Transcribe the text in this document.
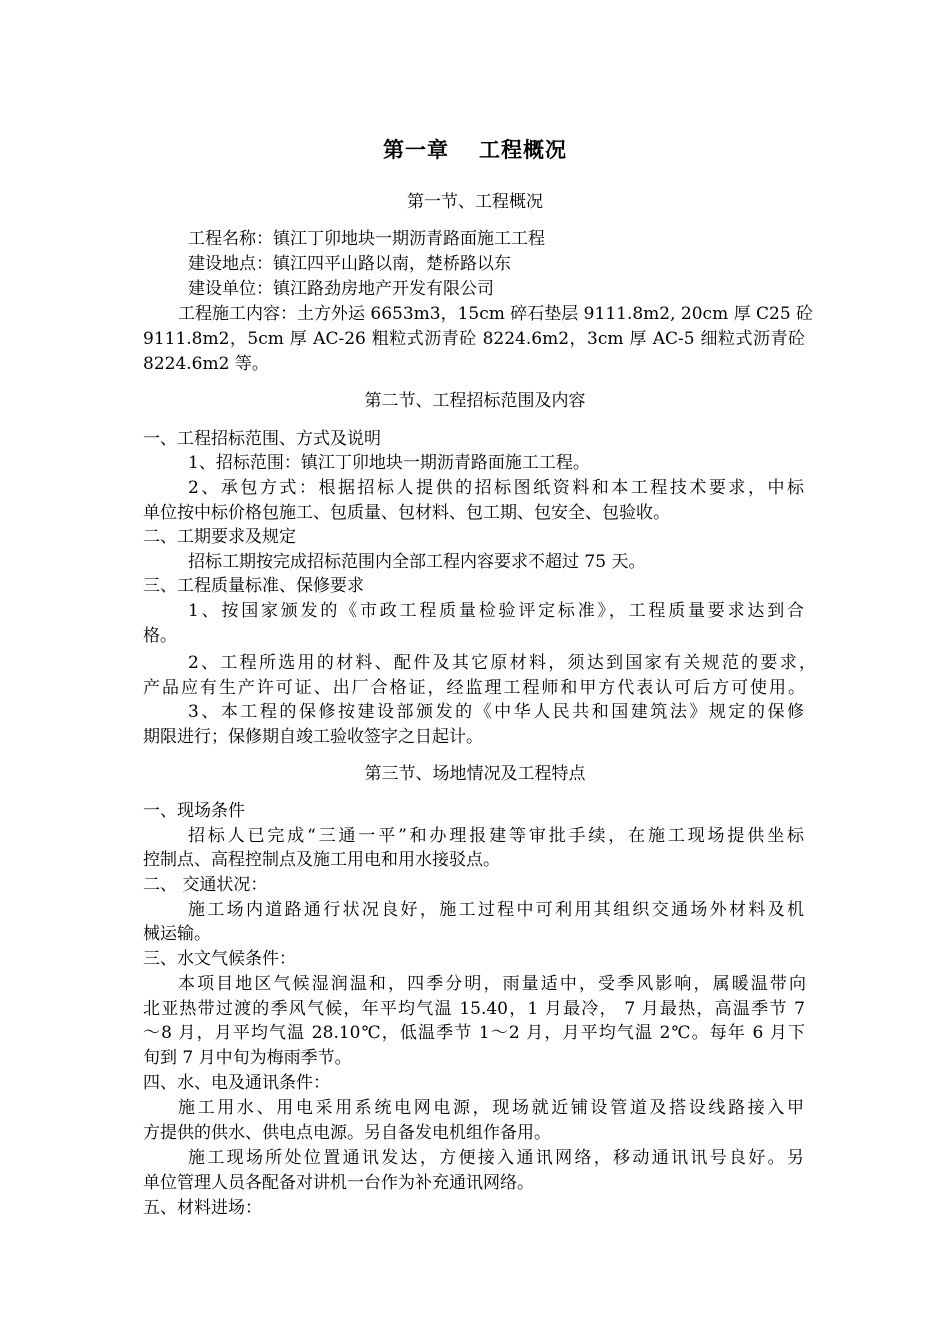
第一章 工程概况
第一节、工程概况
工程名称：镇江丁卯地块一期沥青路面施工工程
建设地点：镇江四平山路以南，楚桥路以东
建设单位：镇江路劲房地产开发有限公司
工程施工内容：土方外运 6653m3，15cm 碎石垫层 9111.8m2, 20cm 厚 C25 砼
9111.8m2，5cm 厚 AC-26 粗粒式沥青砼 8224.6m2，3cm 厚 AC-5 细粒式沥青砼
8224.6m2 等。
第二节、工程招标范围及内容
一、工程招标范围、方式及说明
1、招标范围：镇江丁卯地块一期沥青路面施工工程。
2、承包方式：根据招标人提供的招标图纸资料和本工程技术要求，中标
单位按中标价格包施工、包质量、包材料、包工期、包安全、包验收。
二、工期要求及规定
招标工期按完成招标范围内全部工程内容要求不超过 75 天。
三、工程质量标准、保修要求
1、按国家颁发的《市政工程质量检验评定标准》，工程质量要求达到合
格。
2、工程所选用的材料、配件及其它原材料，须达到国家有关规范的要求，
产品应有生产许可证、出厂合格证，经监理工程师和甲方代表认可后方可使用。
3、本工程的保修按建设部颁发的《中华人民共和国建筑法》规定的保修
期限进行；保修期自竣工验收签字之日起计。
第三节、场地情况及工程特点
一、现场条件
招标人已完成“三通一平”和办理报建等审批手续，在施工现场提供坐标
控制点、高程控制点及施工用电和用水接驳点。
二、 交通状况：
施工场内道路通行状况良好，施工过程中可利用其组织交通场外材料及机
械运输。
三、水文气候条件：
本项目地区气候湿润温和，四季分明，雨量适中，受季风影响，属暖温带向
北亚热带过渡的季风气候，年平均气温 15.40，1 月最冷， 7 月最热，高温季节 7
～8 月，月平均气温 28.10℃，低温季节 1～2 月，月平均气温 2℃。每年 6 月下
旬到 7 月中旬为梅雨季节。
四、水、电及通讯条件：
施工用水、用电采用系统电网电源，现场就近铺设管道及搭设线路接入甲
方提供的供水、供电点电源。另自备发电机组作备用。
施工现场所处位置通讯发达，方便接入通讯网络，移动通讯讯号良好。另
单位管理人员各配备对讲机一台作为补充通讯网络。
五、材料进场：
